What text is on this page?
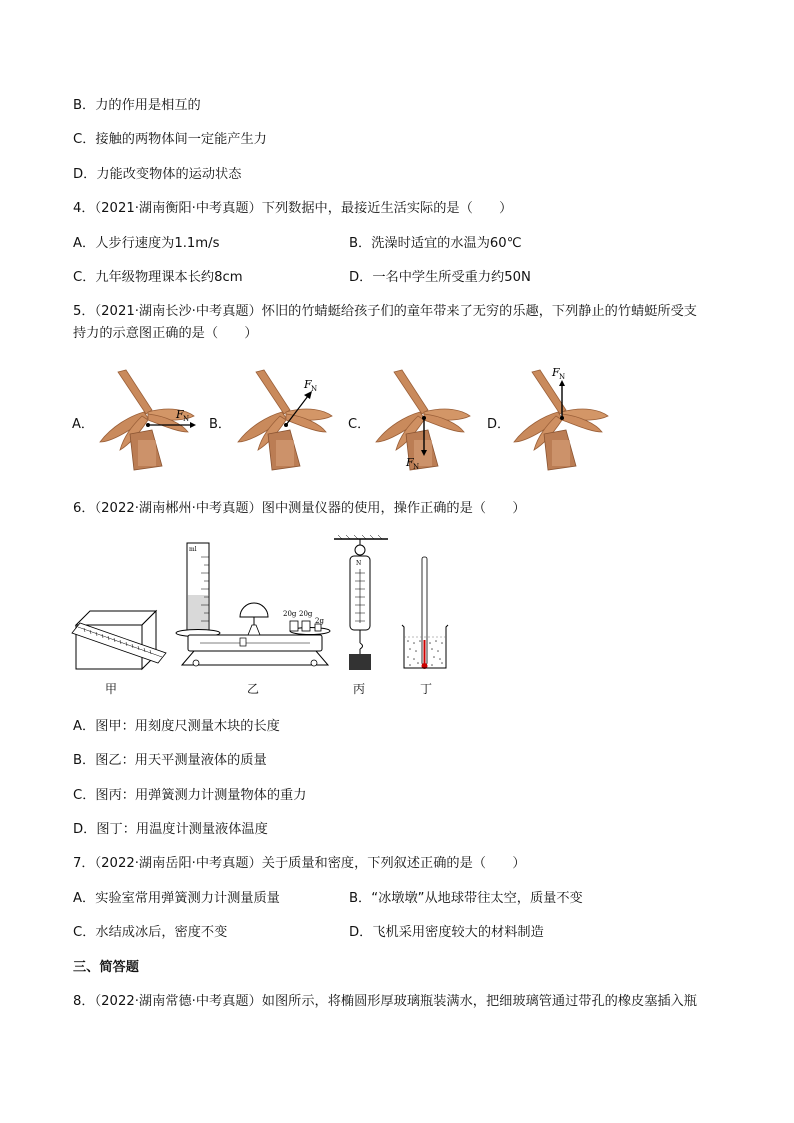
B．力的作用是相互的
C．接触的两物体间一定能产生力
D．力能改变物体的运动状态
4．（2021·湖南衡阳·中考真题）下列数据中，最接近生活实际的是（　　）
A．人步行速度为1.1m/s	B．洗澡时适宜的水温为60℃
C．九年级物理课本长约8cm	D．一名中学生所受重力约50N
5．（2021·湖南长沙·中考真题）怀旧的竹蜻蜓给孩子们的童年带来了无穷的乐趣，下列静止的竹蜻蜓所受支
持力的示意图正确的是（　　）
A．	B．	C．	D．
F N
F N
F N
F N
6．（2022·湖南郴州·中考真题）图中测量仪器的使用，操作正确的是（　　）
ml
20g 20g
2g
N
甲	乙	丙	丁
A．图甲：用刻度尺测量木块的长度
B．图乙：用天平测量液体的质量
C．图丙：用弹簧测力计测量物体的重力
D．图丁：用温度计测量液体温度
7．（2022·湖南岳阳·中考真题）关于质量和密度，下列叙述正确的是（　　）
A．实验室常用弹簧测力计测量质量	B．“冰墩墩”从地球带往太空，质量不变
C．水结成冰后，密度不变	D．飞机采用密度较大的材料制造
三、简答题
8．（2022·湖南常德·中考真题）如图所示，将椭圆形厚玻璃瓶装满水，把细玻璃管通过带孔的橡皮塞插入瓶
